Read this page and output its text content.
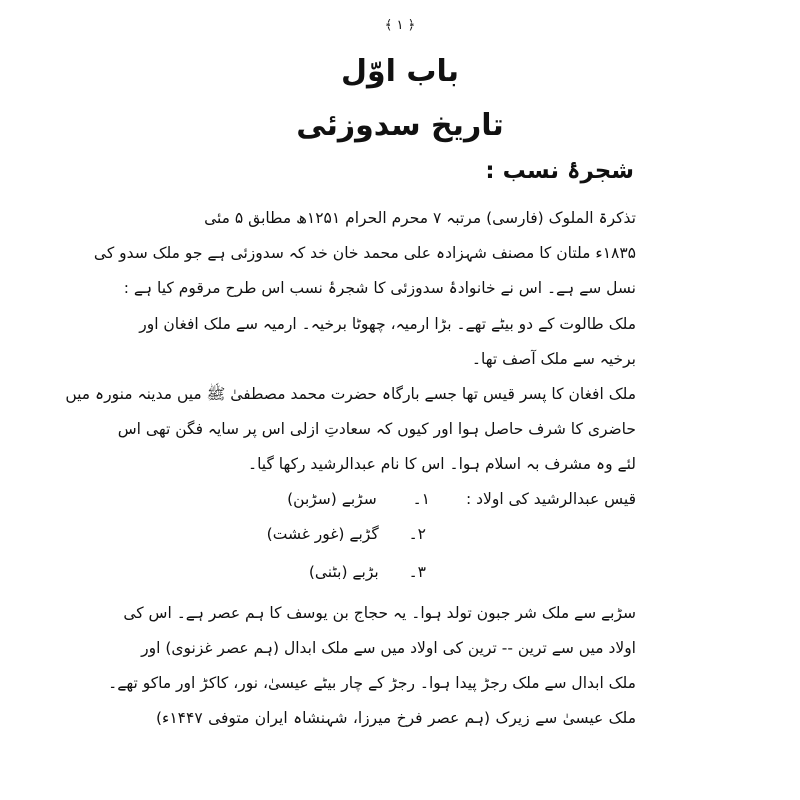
﴾ ۱ ﴿
باب اوّل
تاریخ سدوزئی
شجرۂ نسب :
تذکرۃ الملوک (فارسی) مرتبہ ۷ محرم الحرام ۱۲۵۱ھ مطابق ۵ مئی
۱۸۳۵ء ملتان کا مصنف شہزادہ علی محمد خان خد کہ سدوزئی ہے جو ملک سدو کی
نسل سے ہے۔ اس نے خانوادۂ سدوزئی کا شجرۂ نسب اس طرح مرقوم کیا ہے :
ملک طالوت کے دو بیٹے تھے۔ بڑا ارمیہ، چھوٹا برخیہ۔ ارمیہ سے ملک افغان اور
برخیہ سے ملک آصف تھا۔
ملک افغان کا پسر قیس تھا جسے بارگاہ حضرت محمد مصطفیٰ ﷺ میں مدینہ منورہ میں
حاضری کا شرف حاصل ہوا اور کیوں کہ سعادتِ ازلی اس پر سایہ فگن تھی اس
لئے وہ مشرف بہ اسلام ہوا۔ اس کا نام عبدالرشید رکھا گیا۔
قیس عبدالرشید کی اولاد :
۱۔  سڑبے (سڑبن)
۲۔  گڑبے (غور غشت)
۳۔  بڑبے (بٹنی)
سڑبے سے ملک شر جبون تولد ہوا۔ یہ حجاج بن یوسف کا ہم عصر ہے۔ اس کی
اولاد میں سے ترین -- ترین کی اولاد میں سے ملک ابدال (ہم عصر غزنوی) اور
ملک ابدال سے ملک رجڑ پیدا ہوا۔ رجڑ کے چار بیٹے عیسیٰ، نور، کاکڑ اور ماکو تھے۔
ملک عیسیٰ سے زیرک (ہم عصر فرخ میرزا، شہنشاہ ایران متوفی ۱۴۴۷ء)
